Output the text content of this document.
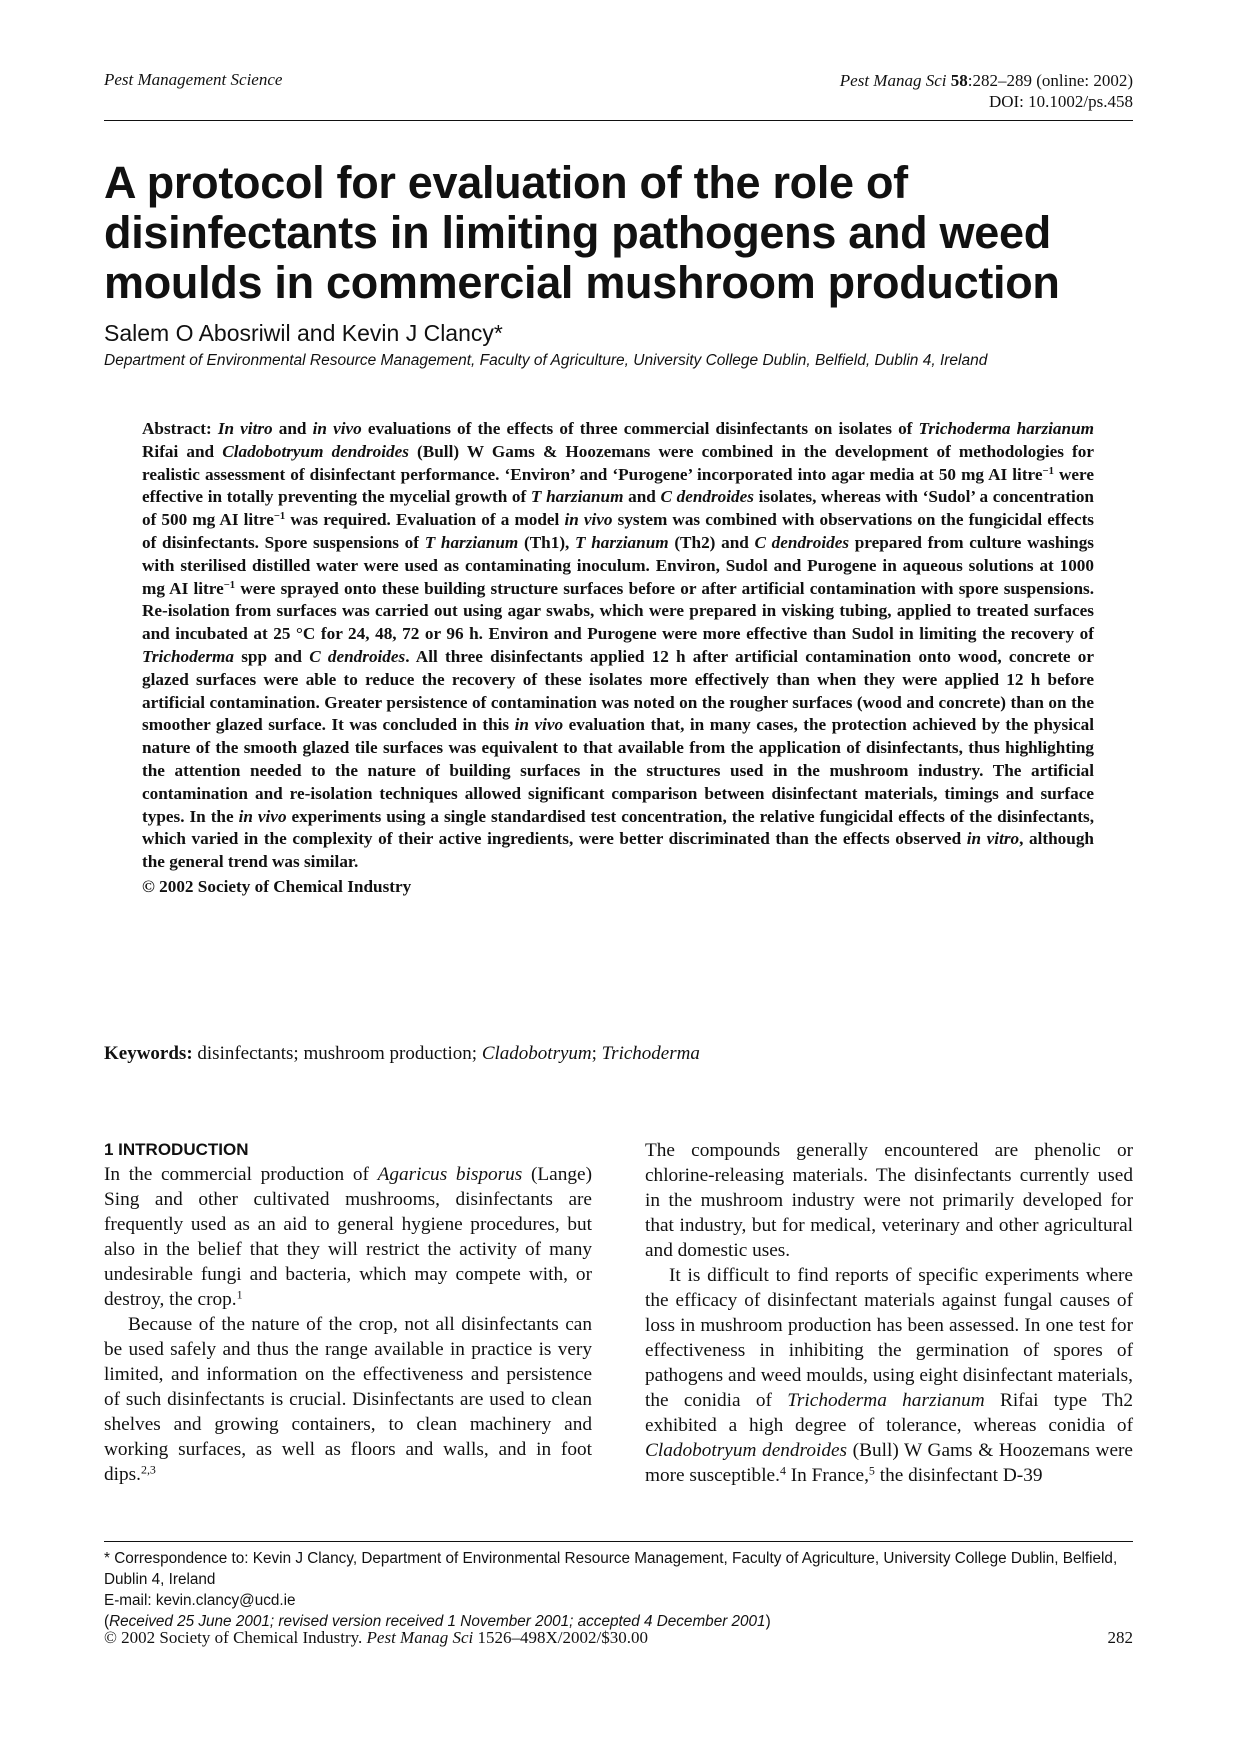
Pest Management Science	Pest Manag Sci 58:282–289 (online: 2002)
DOI: 10.1002/ps.458
A protocol for evaluation of the role of disinfectants in limiting pathogens and weed moulds in commercial mushroom production
Salem O Abosriwil and Kevin J Clancy*
Department of Environmental Resource Management, Faculty of Agriculture, University College Dublin, Belfield, Dublin 4, Ireland
Abstract: In vitro and in vivo evaluations of the effects of three commercial disinfectants on isolates of Trichoderma harzianum Rifai and Cladobotryum dendroides (Bull) W Gams & Hoozemans were combined in the development of methodologies for realistic assessment of disinfectant performance. ‘Environ’ and ‘Purogene’ incorporated into agar media at 50 mg AI litre$^{-1}$ were effective in totally preventing the mycelial growth of T harzianum and C dendroides isolates, whereas with ‘Sudol’ a concentration of 500 mg AI litre$^{-1}$ was required. Evaluation of a model in vivo system was combined with observations on the fungicidal effects of disinfectants. Spore suspensions of T harzianum (Th1), T harzianum (Th2) and C dendroides prepared from culture washings with sterilised distilled water were used as contaminating inoculum. Environ, Sudol and Purogene in aqueous solutions at 1000 mg AI litre$^{-1}$ were sprayed onto these building structure surfaces before or after artificial contamination with spore suspensions. Re-isolation from surfaces was carried out using agar swabs, which were prepared in visking tubing, applied to treated surfaces and incubated at 25 °C for 24, 48, 72 or 96 h. Environ and Purogene were more effective than Sudol in limiting the recovery of Trichoderma spp and C dendroides. All three disinfectants applied 12 h after artificial contamination onto wood, concrete or glazed surfaces were able to reduce the recovery of these isolates more effectively than when they were applied 12 h before artificial contamination. Greater persistence of contamination was noted on the rougher surfaces (wood and concrete) than on the smoother glazed surface. It was concluded in this in vivo evaluation that, in many cases, the protection achieved by the physical nature of the smooth glazed tile surfaces was equivalent to that available from the application of disinfectants, thus highlighting the attention needed to the nature of building surfaces in the structures used in the mushroom industry. The artificial contamination and re-isolation techniques allowed significant comparison between disinfectant materials, timings and surface types. In the in vivo experiments using a single standardised test concentration, the relative fungicidal effects of the disinfectants, which varied in the complexity of their active ingredients, were better discriminated than the effects observed in vitro, although the general trend was similar.
© 2002 Society of Chemical Industry
Keywords: disinfectants; mushroom production; Cladobotryum; Trichoderma
1 INTRODUCTION

In the commercial production of Agaricus bisporus (Lange) Sing and other cultivated mushrooms, disinfectants are frequently used as an aid to general hygiene procedures, but also in the belief that they will restrict the activity of many undesirable fungi and bacteria, which may compete with, or destroy, the crop.$^1$

Because of the nature of the crop, not all disinfectants can be used safely and thus the range available in practice is very limited, and information on the effectiveness and persistence of such disinfectants is crucial. Disinfectants are used to clean shelves and growing containers, to clean machinery and working surfaces, as well as floors and walls, and in foot dips.$^{2,3}$

The compounds generally encountered are phenolic or chlorine-releasing materials. The disinfectants currently used in the mushroom industry were not primarily developed for that industry, but for medical, veterinary and other agricultural and domestic uses.

It is difficult to find reports of specific experiments where the efficacy of disinfectant materials against fungal causes of loss in mushroom production has been assessed. In one test for effectiveness in inhibiting the germination of spores of pathogens and weed moulds, using eight disinfectant materials, the conidia of Trichoderma harzianum Rifai type Th2 exhibited a high degree of tolerance, whereas conidia of Cladobotryum dendroides (Bull) W Gams & Hoozemans were more susceptible.$^4$ In France,$^5$ the disinfectant D-39

* Correspondence to: Kevin J Clancy, Department of Environmental Resource Management, Faculty of Agriculture, University College Dublin, Belfield, Dublin 4, Ireland
E-mail: kevin.clancy@ucd.ie
(Received 25 June 2001; revised version received 1 November 2001; accepted 4 December 2001)
© 2002 Society of Chemical Industry. Pest Manag Sci 1526–498X/2002/$30.00	282
